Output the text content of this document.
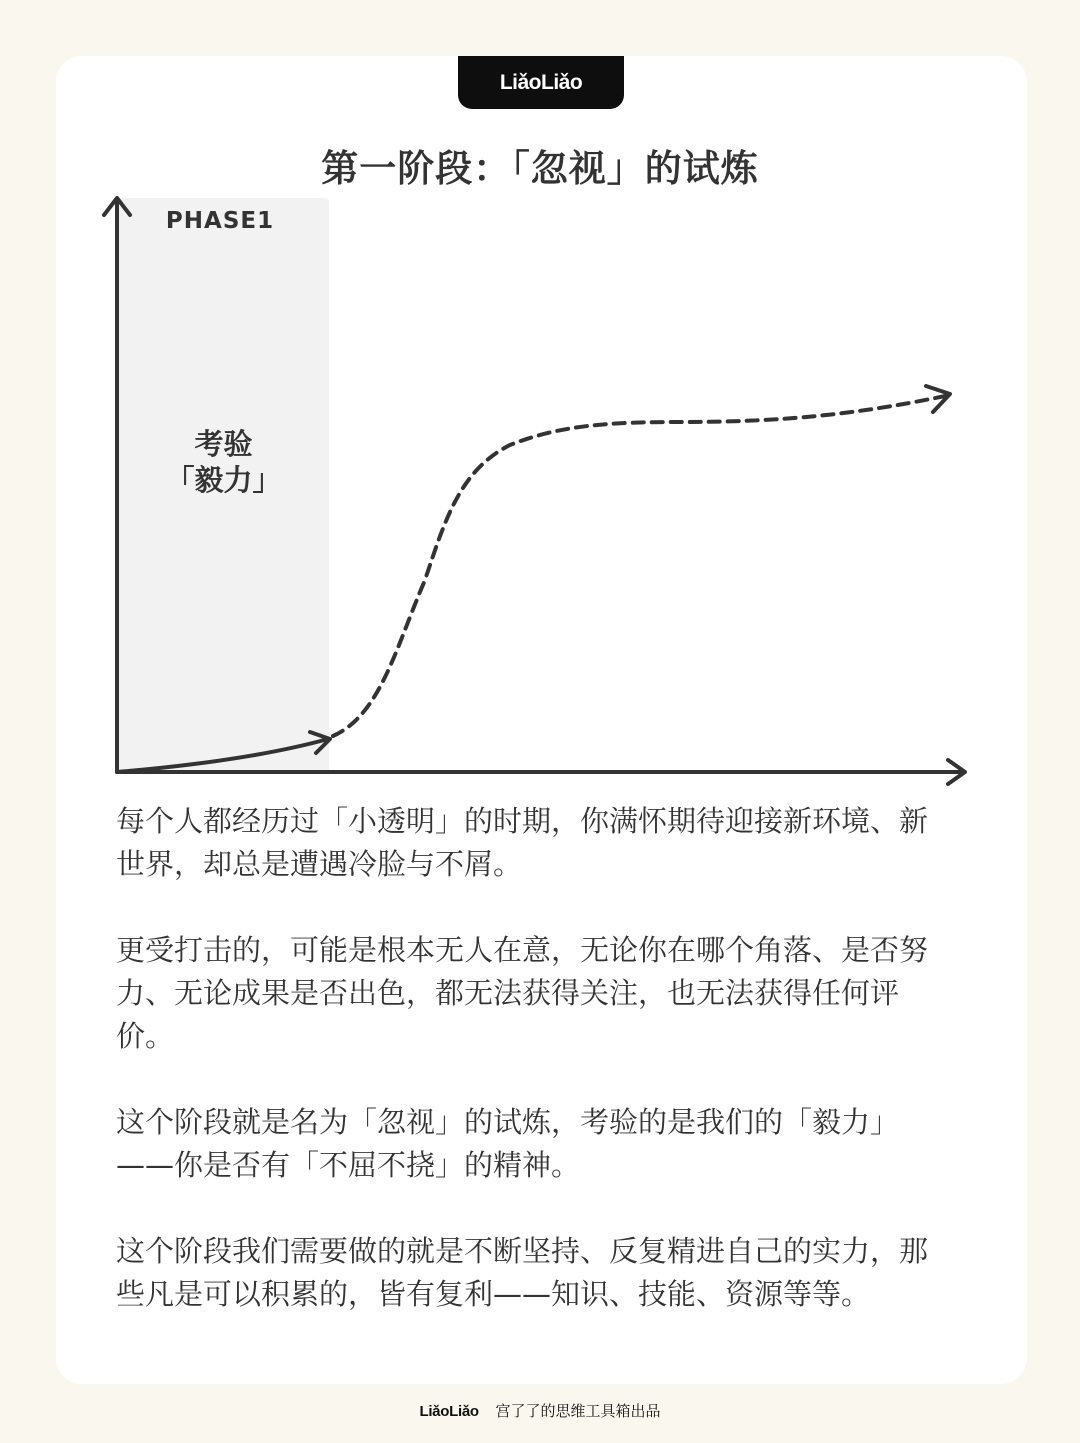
LiǎoLiǎo
第一阶段：「忽视」的试炼
PHASE1
考验
「毅力」

每个人都经历过「小透明」的时期，你满怀期待迎接新环境、新世界，却总是遭遇冷脸与不屑。

更受打击的，可能是根本无人在意，无论你在哪个角落、是否努力、无论成果是否出色，都无法获得关注，也无法获得任何评价。

这个阶段就是名为「忽视」的试炼，考验的是我们的「毅力」——你是否有「不屈不挠」的精神。

这个阶段我们需要做的就是不断坚持、反复精进自己的实力，那些凡是可以积累的，皆有复利——知识、技能、资源等等。

LiǎoLiǎo 宫了了的思维工具箱出品
